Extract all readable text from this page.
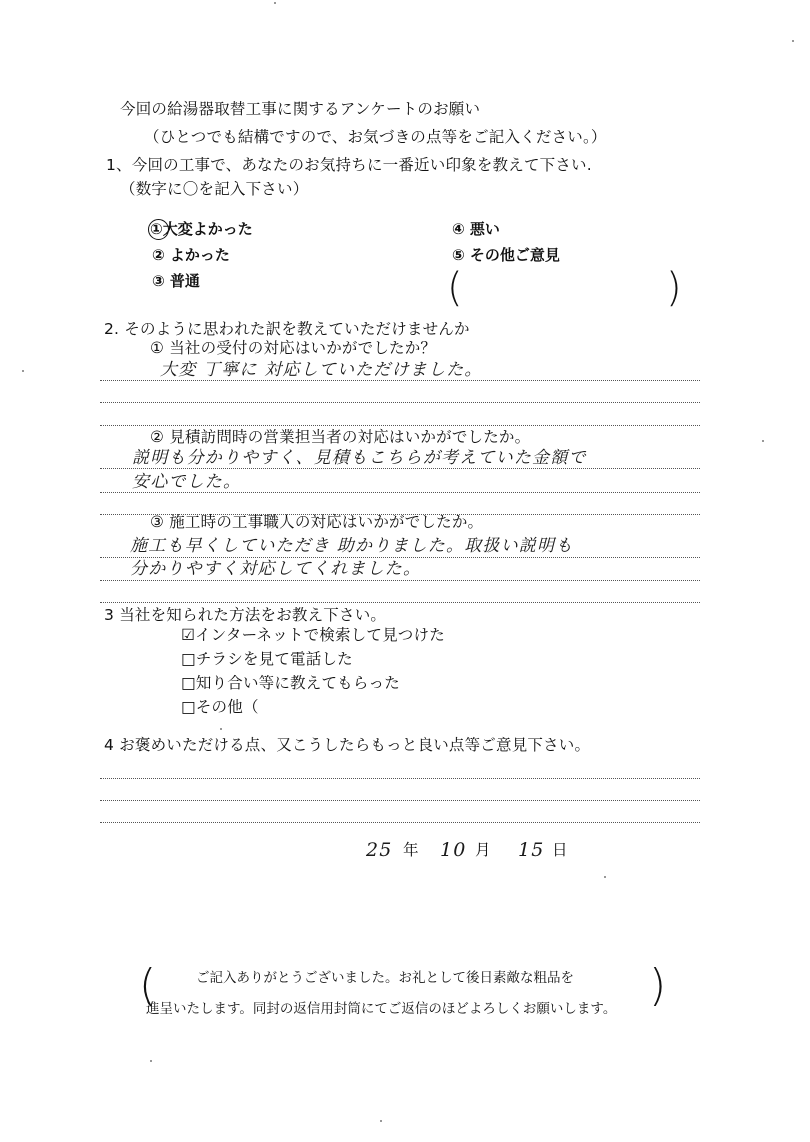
今回の給湯器取替工事に関するアンケートのお願い
（ひとつでも結構ですので、お気づきの点等をご記入ください。）
1、今回の工事で、あなたのお気持ちに一番近い印象を教えて下さい.
（数字に〇を記入下さい）
①大変よかった
② よかった
③ 普通
④ 悪い
⑤ その他ご意見
(	)
2. そのように思われた訳を教えていただけませんか
① 当社の受付の対応はいかがでしたか？
大変 丁寧に 対応していただけました。
② 見積訪問時の営業担当者の対応はいかがでしたか。
説明も分かりやすく、見積もこちらが考えていた金額で
安心でした。
③ 施工時の工事職人の対応はいかがでしたか。
施工も早くしていただき 助かりました。取扱い説明も
分かりやすく対応してくれました。
3 当社を知られた方法をお教え下さい。
☑インターネットで検索して見つけた
□チラシを見て電話した
□知り合い等に教えてもらった
□その他（
4 お褒めいただける点、又こうしたらもっと良い点等ご意見下さい。
25 年 10 月 15 日
(	)
ご記入ありがとうございました。お礼として後日素敵な粗品を
進呈いたします。同封の返信用封筒にてご返信のほどよろしくお願いします。
